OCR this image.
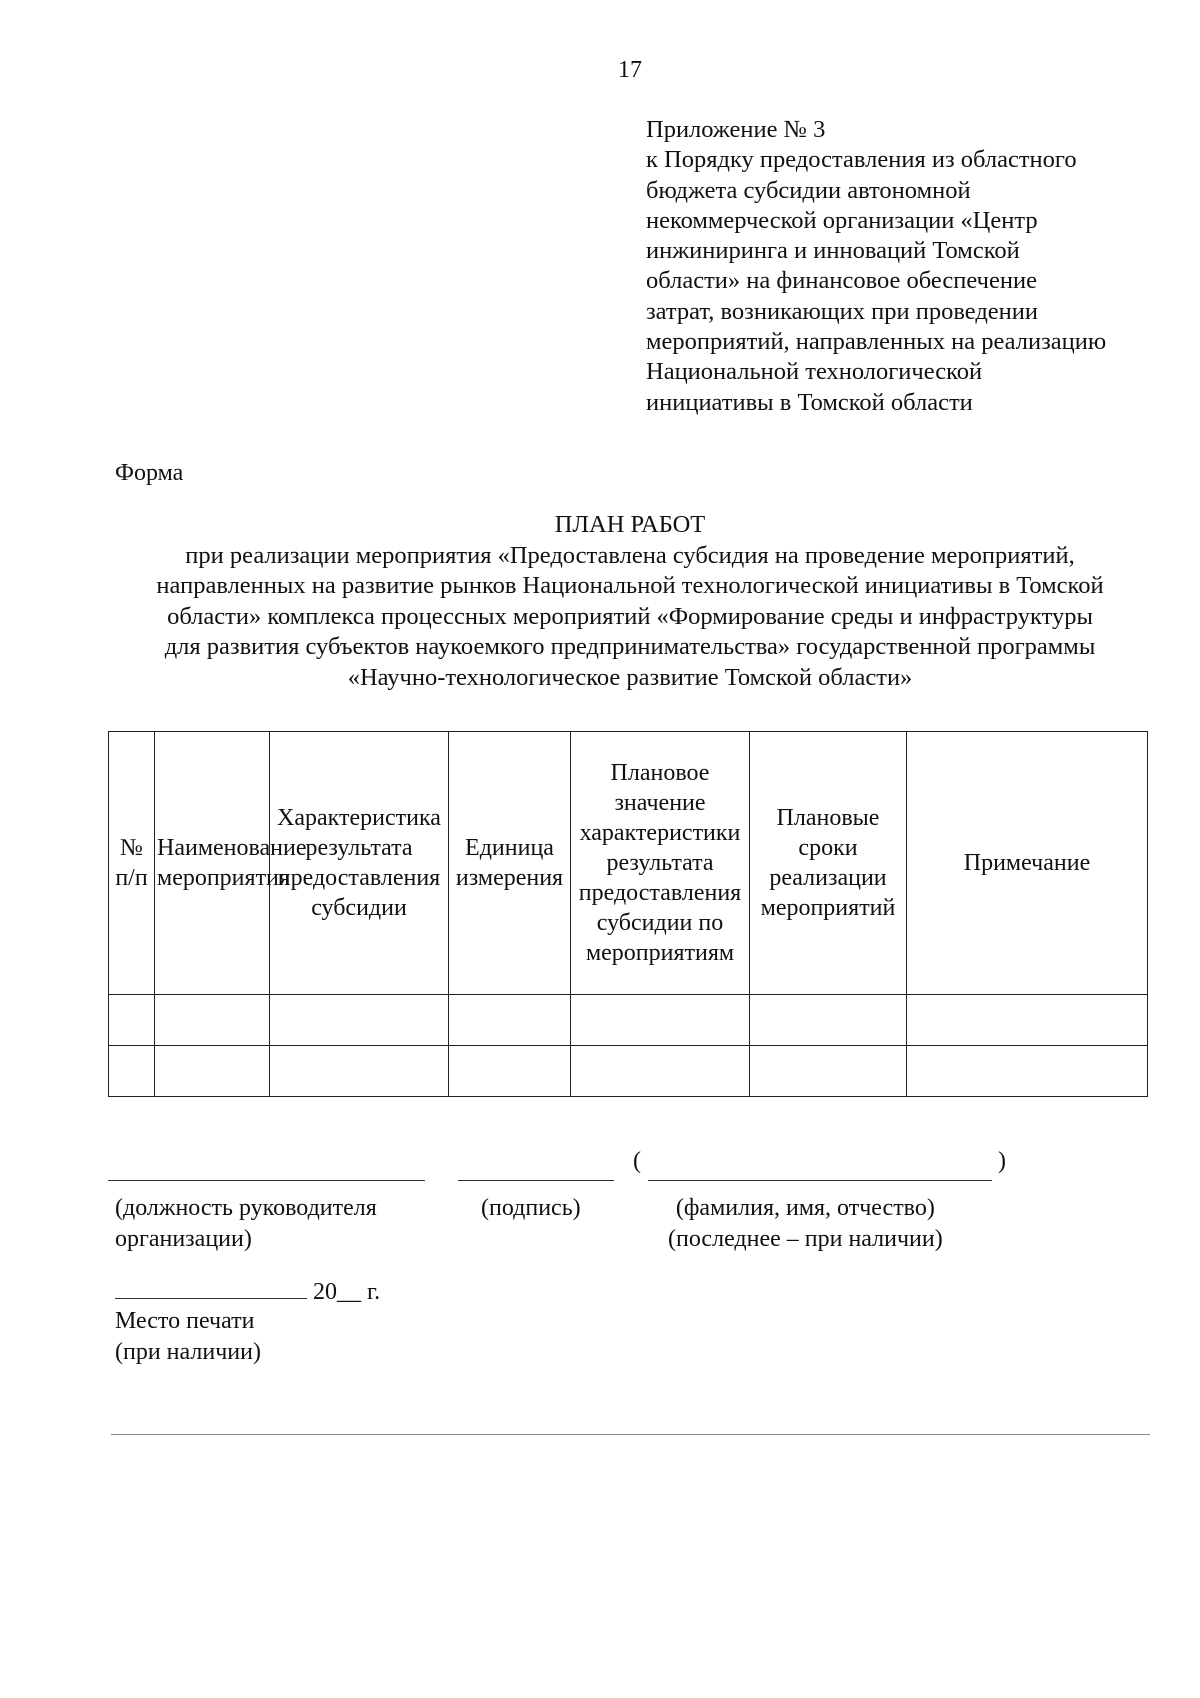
17
Приложение № 3
к Порядку предоставления из областного
бюджета субсидии автономной
некоммерческой организации «Центр
инжиниринга и инноваций Томской
области» на финансовое обеспечение
затрат, возникающих при проведении
мероприятий, направленных на реализацию
Национальной технологической
инициативы в Томской области
Форма
ПЛАН РАБОТ
при реализации мероприятия «Предоставлена субсидия на проведение мероприятий,
направленных на развитие рынков Национальной технологической инициативы в Томской
области» комплекса процессных мероприятий «Формирование среды и инфраструктуры
для развития субъектов наукоемкого предпринимательства» государственной программы
«Научно-технологическое развитие Томской области»
№ п/п	Наименование мероприятия	Характеристика результата предоставления субсидии	Единица измерения	Плановое значение характеристики результата предоставления субсидии по мероприятиям	Плановые сроки реализации мероприятий	Примечание

(	)
(должность руководителя
организации)
(подпись)	(фамилия, имя, отчество)
(последнее – при наличии)
20__ г.
Место печати
(при наличии)
